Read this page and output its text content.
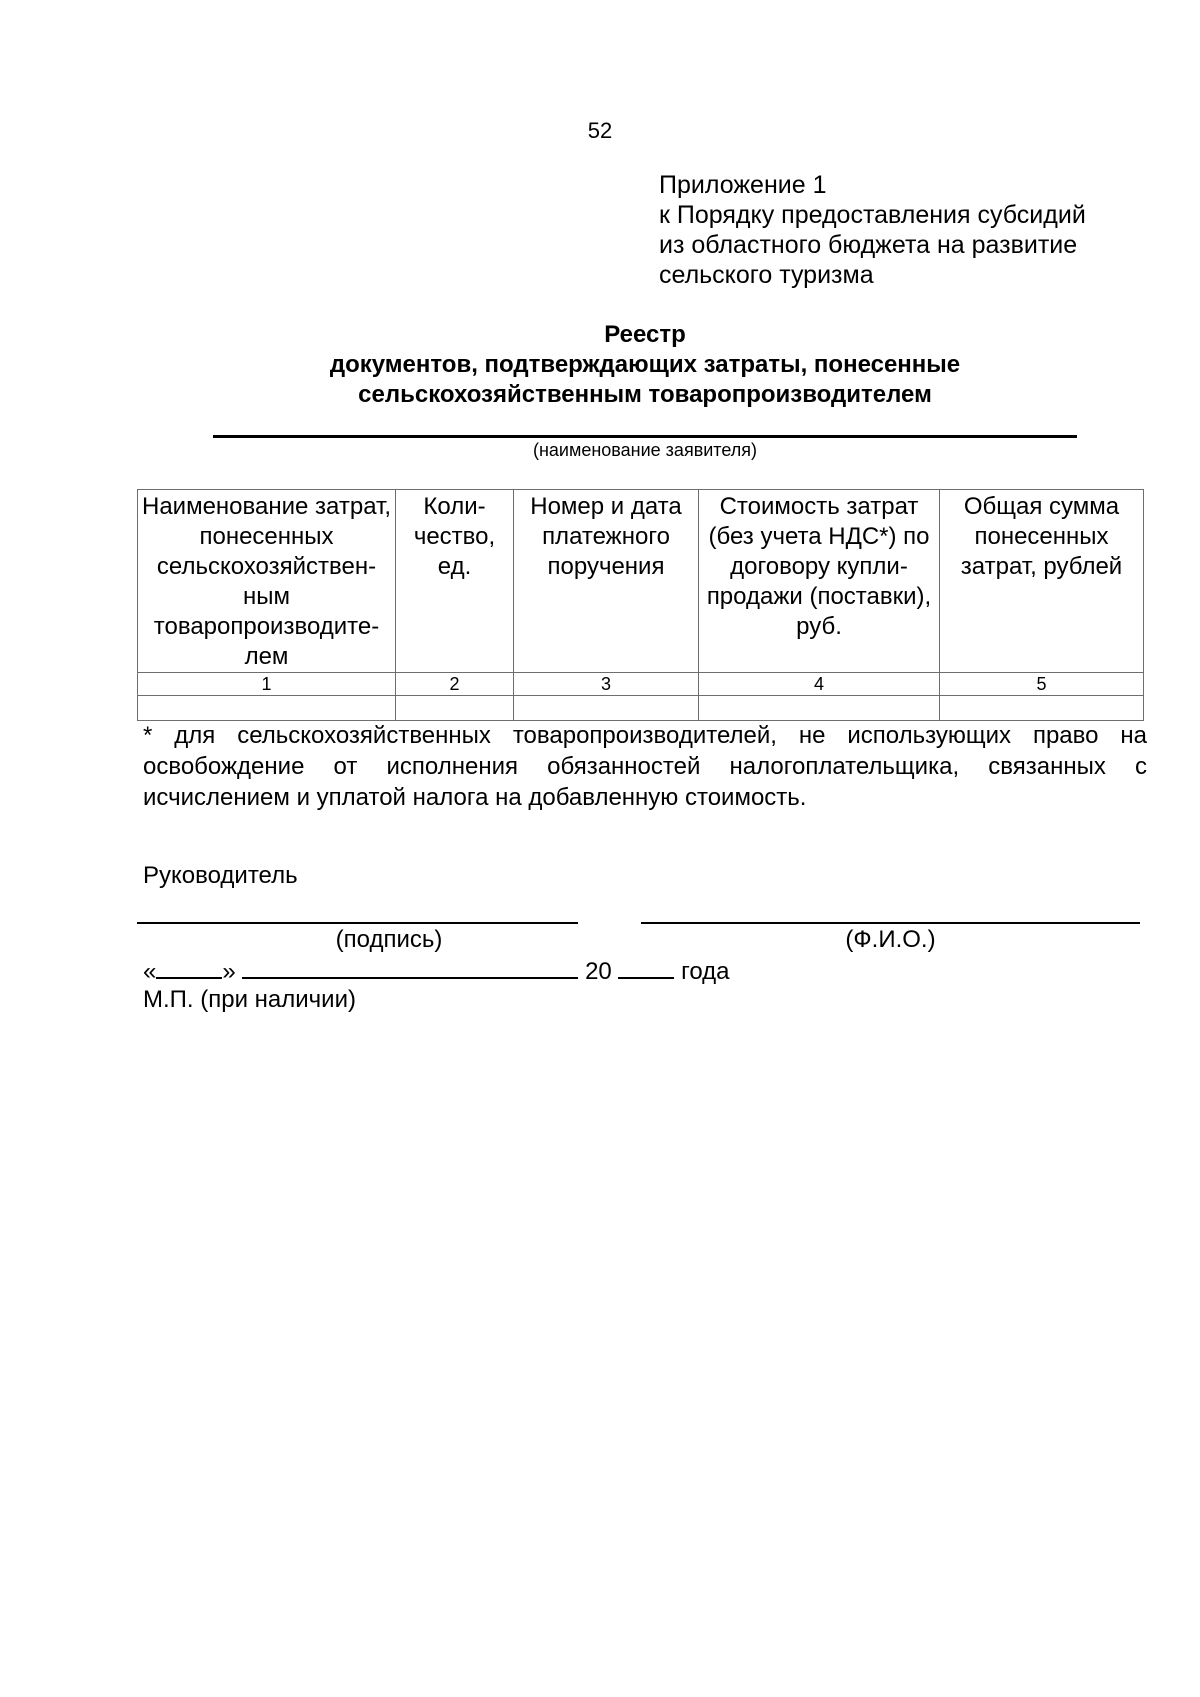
52
Приложение 1
к Порядку предоставления субсидий
из областного бюджета на развитие
сельского туризма
Реестр
документов, подтверждающих затраты, понесенные
сельскохозяйственным товаропроизводителем
(наименование заявителя)
Наименование затрат, понесенных сельскохозяйствен-ным товаропроизводите-лем	Коли-чество, ед.	Номер и дата платежного поручения	Стоимость затрат (без учета НДС*) по договору купли-продажи (поставки), руб.	Общая сумма понесенных затрат, рублей
1	2	3	4	5

* для сельскохозяйственных товаропроизводителей, не использующих право на освобождение от исполнения обязанностей налогоплательщика, связанных с исчислением и уплатой налога на добавленную стоимость.
Руководитель
(подпись)	(Ф.И.О.)
«	»	20	года
М.П. (при наличии)
